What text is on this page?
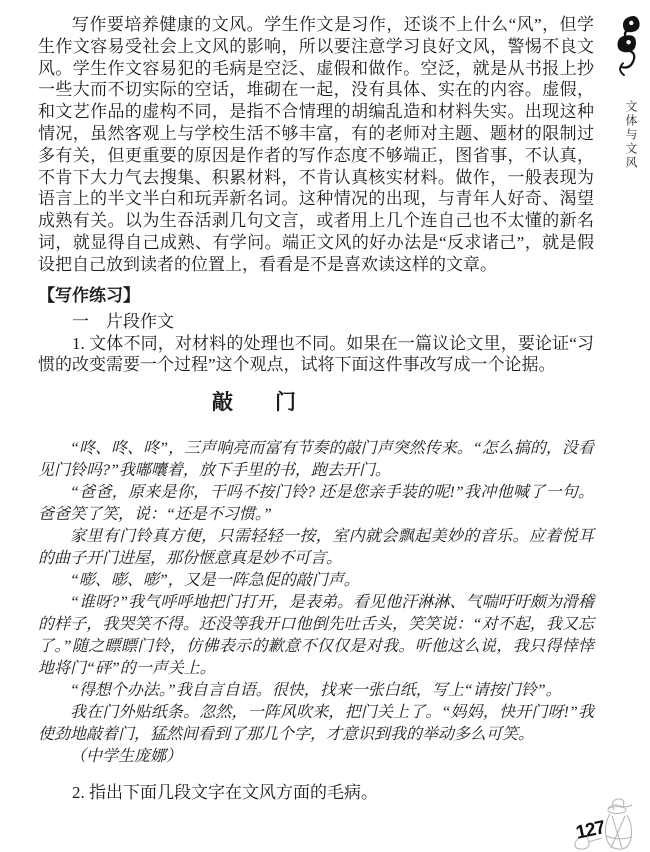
写作要培养健康的文风。学生作文是习作，还谈不上什么“风”，但学生作文容易受社会上文风的影响，所以要注意学习良好文风，警惕不良文风。学生作文容易犯的毛病是空泛、虚假和做作。空泛，就是从书报上抄一些大而不切实际的空话，堆砌在一起，没有具体、实在的内容。虚假，和文艺作品的虚构不同，是指不合情理的胡编乱造和材料失实。出现这种情况，虽然客观上与学校生活不够丰富，有的老师对主题、题材的限制过多有关，但更重要的原因是作者的写作态度不够端正，图省事，不认真，不肯下大力气去搜集、积累材料，不肯认真核实材料。做作，一般表现为语言上的半文半白和玩弄新名词。这种情况的出现，与青年人好奇、渴望成熟有关。以为生吞活剥几句文言，或者用上几个连自己也不太懂的新名词，就显得自己成熟、有学问。端正文风的好办法是“反求诸己”，就是假设把自己放到读者的位置上，看看是不是喜欢读这样的文章。

【写作练习】

一　片段作文

1. 文体不同，对材料的处理也不同。如果在一篇议论文里，要论证“习惯的改变需要一个过程”这个观点，试将下面这件事改写成一个论据。

敲　　门

“咚、咚、咚”，三声响亮而富有节奏的敲门声突然传来。“怎么搞的，没看见门铃吗?”我嘟囔着，放下手里的书，跑去开门。

“爸爸，原来是你，干吗不按门铃? 还是您亲手装的呢!”我冲他喊了一句。爸爸笑了笑，说：“还是不习惯。”

家里有门铃真方便，只需轻轻一按，室内就会飘起美妙的音乐。应着悦耳的曲子开门进屋，那份惬意真是妙不可言。

“嘭、嘭、嘭”，又是一阵急促的敲门声。

“谁呀?”我气呼呼地把门打开，是表弟。看见他汗淋淋、气喘吁吁颇为滑稽的样子，我哭笑不得。还没等我开口他倒先吐舌头，笑笑说：“对不起，我又忘了。”随之瞟瞟门铃，仿佛表示的歉意不仅仅是对我。听他这么说，我只得悻悻地将门“砰”的一声关上。

“得想个办法。”我自言自语。很快，找来一张白纸，写上“请按门铃”。

我在门外贴纸条。忽然，一阵风吹来，把门关上了。“妈妈，快开门呀!”我使劲地敲着门，猛然间看到了那几个字，才意识到我的举动多么可笑。

（中学生庞娜）

2. 指出下面几段文字在文风方面的毛病。

文体与文风
127
